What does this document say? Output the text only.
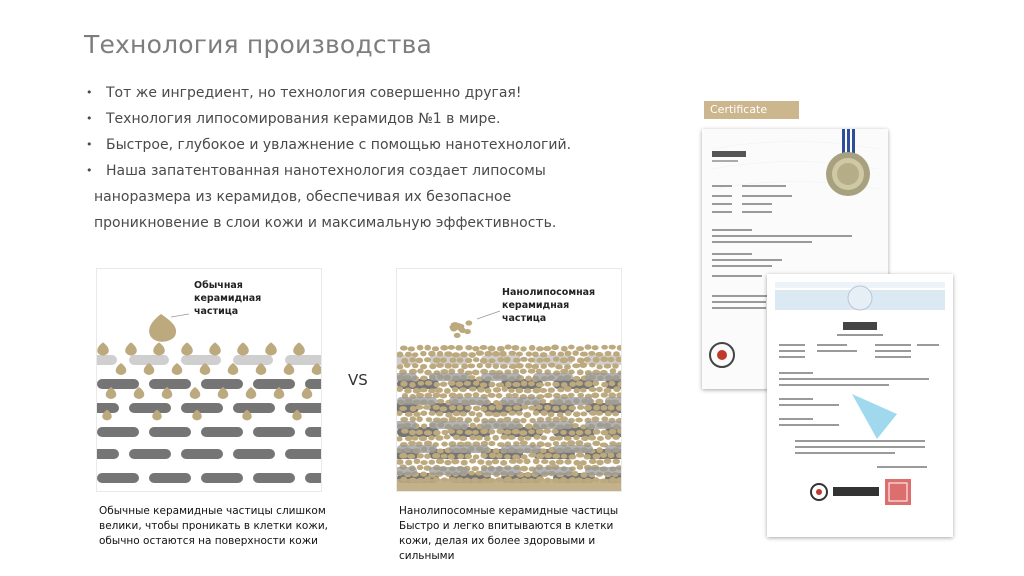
Технология производства
• Тот же ингредиент, но технология совершенно другая!
• Технология липосомирования керамидов №1 в мире.
• Быстрое, глубокое и увлажнение с помощью нанотехнологий.
• Наша запатентованная нанотехнология создает липосомы
наноразмера из керамидов, обеспечивая их безопасное
проникновение в слои кожи и максимальную эффективность.
Обычная
керамидная
частица
VS
Нанолипосомная
керамидная
частица
Обычные керамидные частицы слишком
велики, чтобы проникать в клетки кожи,
обычно остаются на поверхности кожи
Нанолипосомные керамидные частицы
Быстро и легко впитываются в клетки
кожи, делая их более здоровыми и
сильными
Certificate
